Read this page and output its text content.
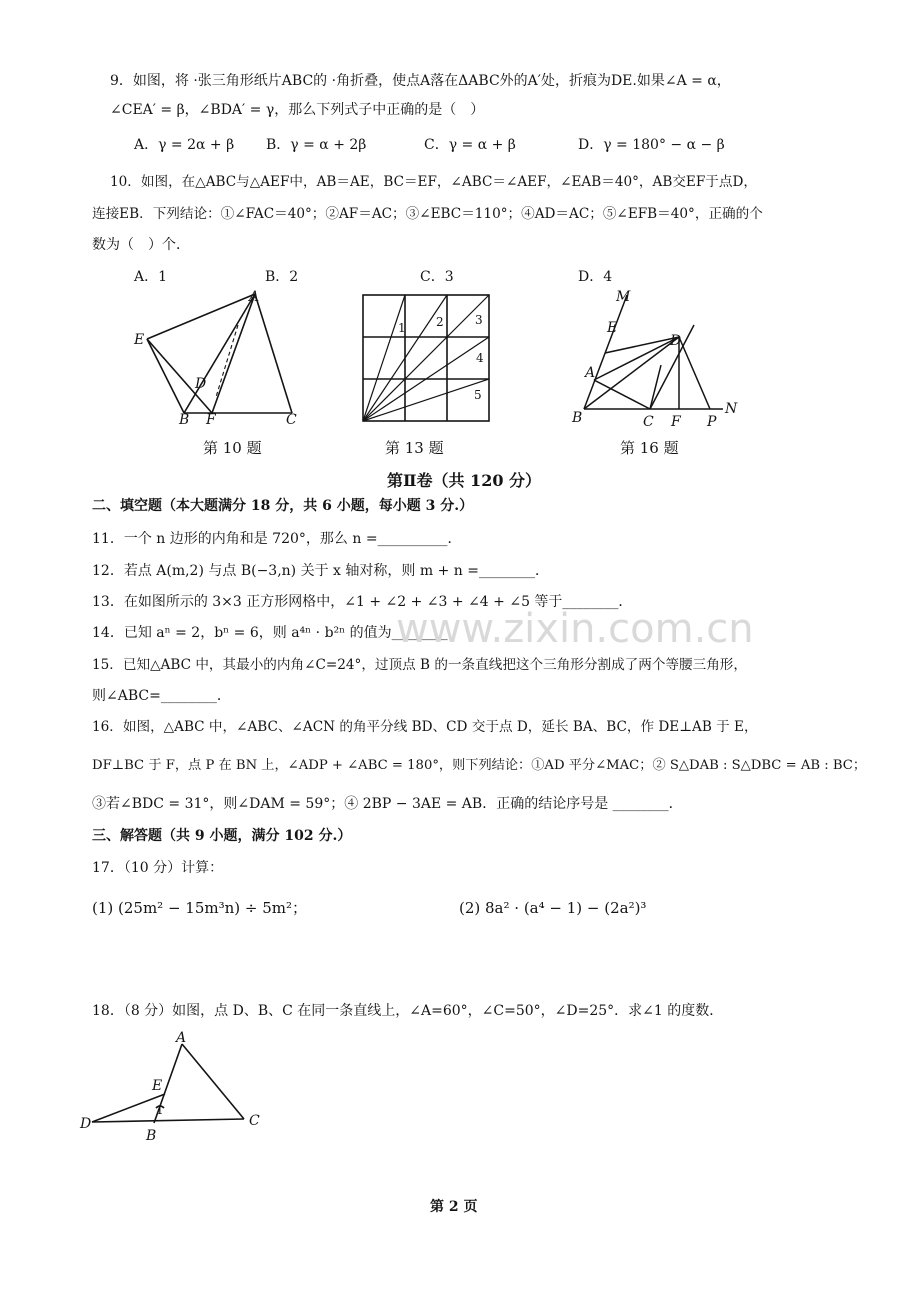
9．如图，将 ·张三角形纸片ABC的 ·角折叠，使点A落在ΔABC外的A′处，折痕为DE.如果∠A = α，
∠CEA′ = β，∠BDA′ = γ，那么下列式子中正确的是（　）
A．γ = 2α + β B．γ = α + 2β	C．γ = α + β	D．γ = 180° − α − β
10．如图，在△ABC与△AEF中，AB＝AE，BC＝EF，∠ABC＝∠AEF，∠EAB＝40°，AB交EF于点D，
连接EB．下列结论：①∠FAC＝40°；②AF＝AC；③∠EBC＝110°；④AD＝AC；⑤∠EFB＝40°，正确的个
数为（　）个．
A．1	B．2	C．3	D．4
A
E
D
B F	C
第 10 题
1	2	3
4
5
第 13 题
M
E
D
A
B	C F P
N
第 16 题
第Ⅱ卷（共 120 分）
二、填空题（本大题满分 18 分，共 6 小题，每小题 3 分.）
11．一个 n 边形的内角和是 720°，那么 n =__________．
12．若点 A(m,2) 与点 B(−3,n) 关于 x 轴对称，则 m + n =________．
13．在如图所示的 3×3 正方形网格中，∠1 + ∠2 + ∠3 + ∠4 + ∠5 等于________．
14．已知 aⁿ = 2，bⁿ = 6，则 a⁴ⁿ · b²ⁿ 的值为________．
www.zixin.com.cn
15．已知△ABC 中，其最小的内角∠C=24°，过顶点 B 的一条直线把这个三角形分割成了两个等腰三角形，
则∠ABC=________．
16．如图，△ABC 中，∠ABC、∠ACN 的角平分线 BD、CD 交于点 D，延长 BA、BC，作 DE⊥AB 于 E，
DF⊥BC 于 F，点 P 在 BN 上，∠ADP + ∠ABC = 180°，则下列结论：①AD 平分∠MAC；② S△DAB : S△DBC = AB : BC；
③若∠BDC = 31°，则∠DAM = 59°；④ 2BP − 3AE = AB．正确的结论序号是 ________．
三、解答题（共 9 小题，满分 102 分.）
17．（10 分）计算：
(1) (25m² − 15m³n) ÷ 5m²；	(2) 8a² · (a⁴ − 1) − (2a²)³
18．（8 分）如图，点 D、B、C 在同一条直线上，∠A=60°，∠C=50°，∠D=25°．求∠1 的度数．
A
E
1
D
B
C
第 2 页
